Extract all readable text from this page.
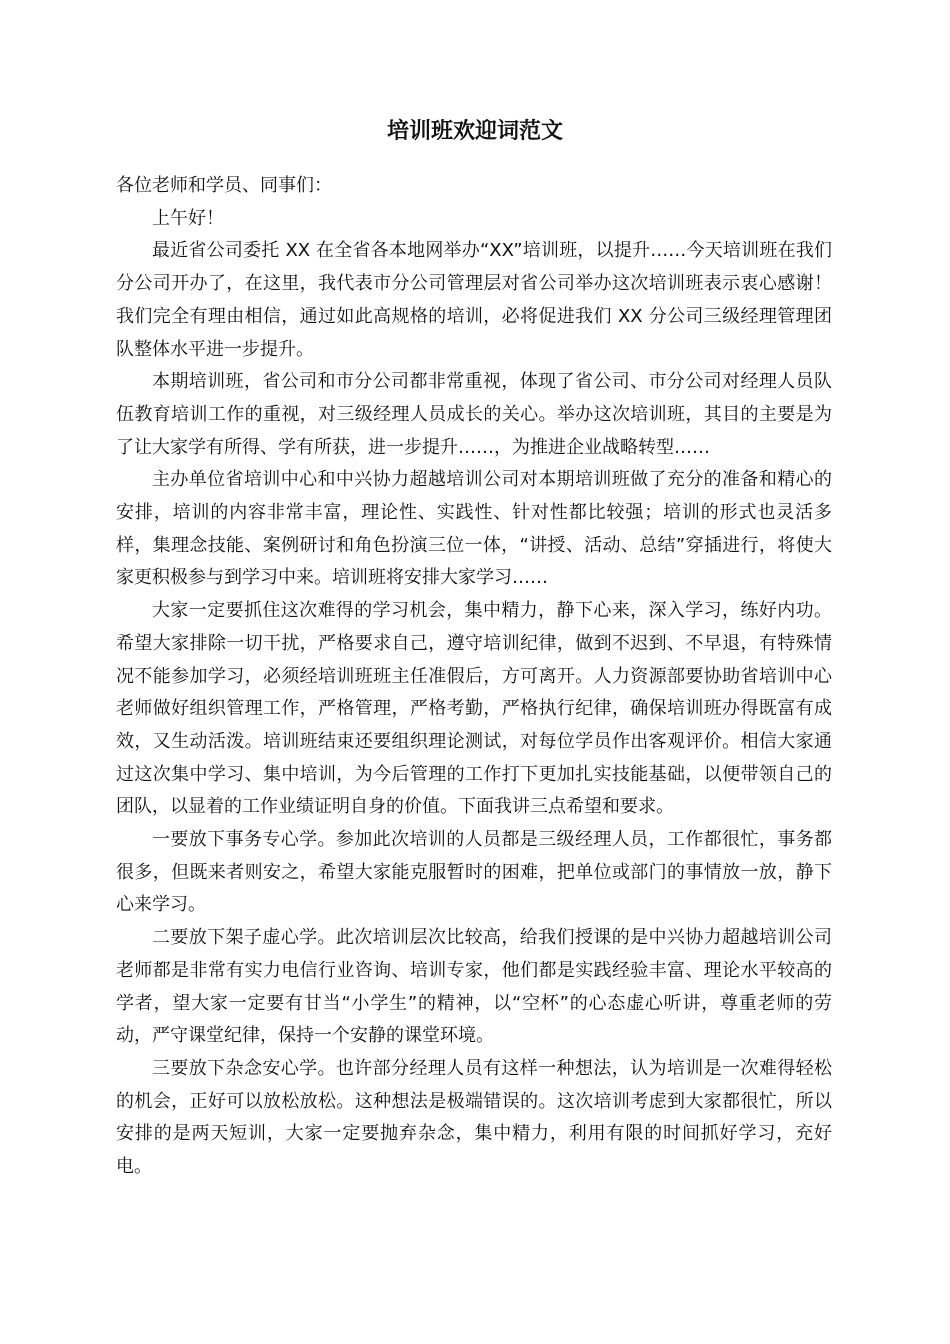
培训班欢迎词范文

各位老师和学员、同事们：

上午好！

最近省公司委托 XX 在全省各本地网举办“XX”培训班，以提升……今天培训班在我们分公司开办了，在这里，我代表市分公司管理层对省公司举办这次培训班表示衷心感谢！我们完全有理由相信，通过如此高规格的培训，必将促进我们 XX 分公司三级经理管理团队整体水平进一步提升。

本期培训班，省公司和市分公司都非常重视，体现了省公司、市分公司对经理人员队伍教育培训工作的重视，对三级经理人员成长的关心。举办这次培训班，其目的主要是为了让大家学有所得、学有所获，进一步提升……，为推进企业战略转型……

主办单位省培训中心和中兴协力超越培训公司对本期培训班做了充分的准备和精心的安排，培训的内容非常丰富，理论性、实践性、针对性都比较强；培训的形式也灵活多样，集理念技能、案例研讨和角色扮演三位一体，“讲授、活动、总结”穿插进行，将使大家更积极参与到学习中来。培训班将安排大家学习……

大家一定要抓住这次难得的学习机会，集中精力，静下心来，深入学习，练好内功。希望大家排除一切干扰，严格要求自己，遵守培训纪律，做到不迟到、不早退，有特殊情况不能参加学习，必须经培训班班主任准假后，方可离开。人力资源部要协助省培训中心老师做好组织管理工作，严格管理，严格考勤，严格执行纪律，确保培训班办得既富有成效，又生动活泼。培训班结束还要组织理论测试，对每位学员作出客观评价。相信大家通过这次集中学习、集中培训，为今后管理的工作打下更加扎实技能基础，以便带领自己的团队，以显着的工作业绩证明自身的价值。下面我讲三点希望和要求。

一要放下事务专心学。参加此次培训的人员都是三级经理人员，工作都很忙，事务都很多，但既来者则安之，希望大家能克服暂时的困难，把单位或部门的事情放一放，静下心来学习。

二要放下架子虚心学。此次培训层次比较高，给我们授课的是中兴协力超越培训公司老师都是非常有实力电信行业咨询、培训专家，他们都是实践经验丰富、理论水平较高的学者，望大家一定要有甘当“小学生”的精神，以“空杯”的心态虚心听讲，尊重老师的劳动，严守课堂纪律，保持一个安静的课堂环境。

三要放下杂念安心学。也许部分经理人员有这样一种想法，认为培训是一次难得轻松的机会，正好可以放松放松。这种想法是极端错误的。这次培训考虑到大家都很忙，所以安排的是两天短训，大家一定要抛弃杂念，集中精力，利用有限的时间抓好学习，充好电。
